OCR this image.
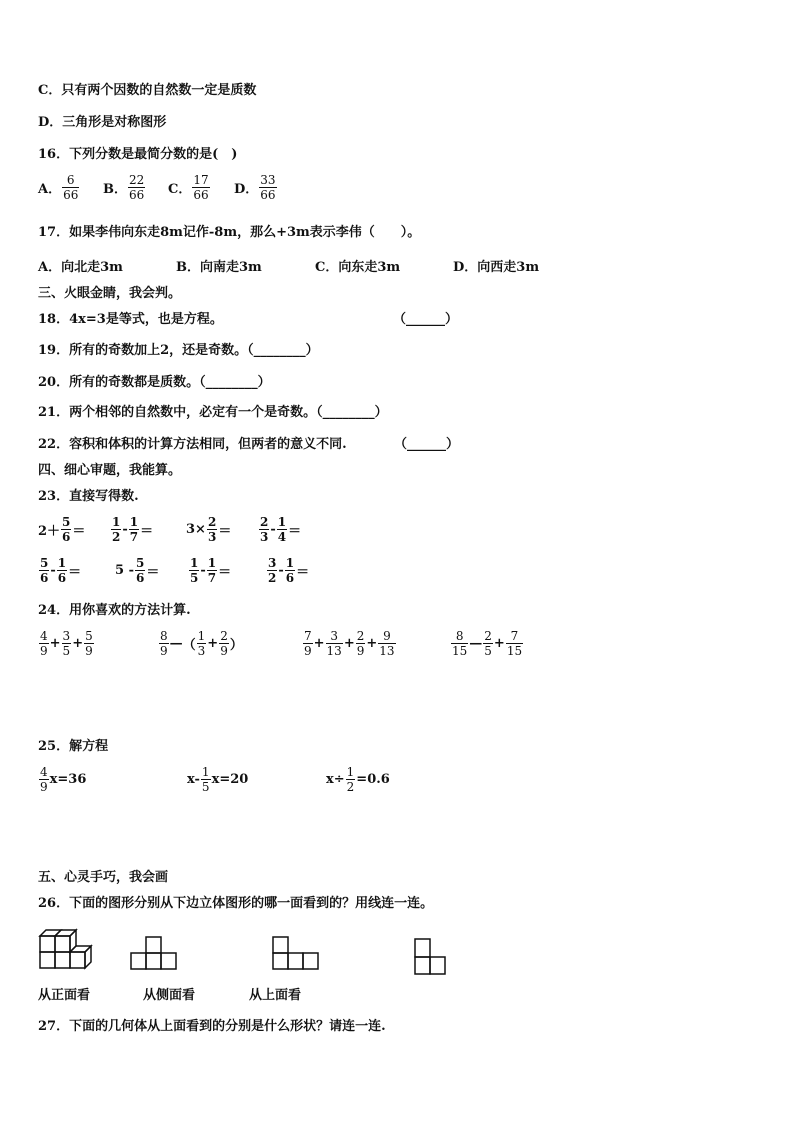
C．只有两个因数的自然数一定是质数
D．三角形是对称图形
16．下列分数是最简分数的是(　)
A． $\frac{6}{66}$ B． $\frac{22}{66}$ C． $\frac{17}{66}$ D． $\frac{33}{66}$
17．如果李伟向东走8m记作-8m，那么+3m表示李伟（　　）。
A．向北走3m	B．向南走3m	C．向东走3m	D．向西走3m
三、火眼金睛，我会判。
18．4x=3是等式，也是方程。	（______）
19．所有的奇数加上2，还是奇数。（________）
20．所有的奇数都是质数。（________）
21．两个相邻的自然数中，必定有一个是奇数。（________）
22．容积和体积的计算方法相同，但两者的意义不同.	（______）
四、细心审题，我能算。
23．直接写得数.
$2+ \frac{5}{6} = \frac{1}{2} - \frac{1}{7}$ ＝	$3\times \frac{2}{3} = \frac{2}{3} - \frac{1}{4}$ ＝
$\frac{5}{6} - \frac{1}{6}$ ＝	$5 - \frac{5}{6} = \frac{1}{5} - \frac{1}{7}$ ＝	$\frac{3}{2} - \frac{1}{6}$ ＝
24．用你喜欢的方法计算.
$\frac{4}{9} + \frac{3}{5} + \frac{5}{9}$	$\frac{8}{9}$ — （ $\frac{1}{3} + \frac{2}{9}$ ）	$\frac{7}{9} + \frac{3}{13} + \frac{2}{9} + \frac{9}{13}$	$\frac{8}{15}$ — $\frac{2}{5} + \frac{7}{15}$
25．解方程
$\frac{4}{9} x=36$	$x- \frac{1}{5} x=20$	$x\div \frac{1}{2} =0.6$
五、心灵手巧，我会画
26．下面的图形分别从下边立体图形的哪一面看到的？用线连一连。
从正面看	从侧面看	从上面看
27．下面的几何体从上面看到的分别是什么形状？请连一连.
